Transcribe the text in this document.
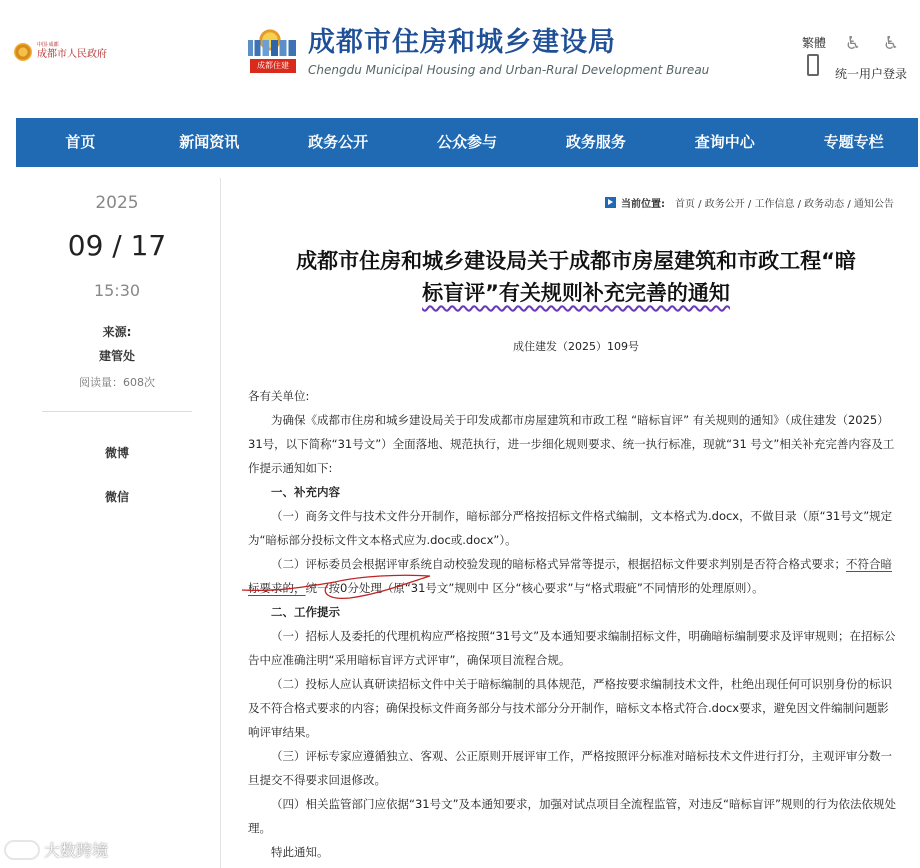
中国·成都
成都市人民政府
成都住建
成都市住房和城乡建设局
Chengdu Municipal Housing and Urban-Rural Development Bureau
繁體 ♿ ♿
统一用户登录
首页	新闻资讯	政务公开	公众参与	政务服务	查询中心	专题专栏
2025
09 / 17
15:30
来源:
建管处
阅读量：608次
微博
微信
当前位置: 首页 / 政务公开 / 工作信息 / 政务动态 / 通知公告
成都市住房和城乡建设局关于成都市房屋建筑和市政工程“暗
标盲评”有关规则补充完善的通知
成住建发（2025）109号

各有关单位:

为确保《成都市住房和城乡建设局关于印发成都市房屋建筑和市政工程 “暗标盲评” 有关规则的通知》（成住建发（2025）31号，以下简称“31号文”）全面落地、规范执行，进一步细化规则要求、统一执行标准，现就“31 号文”相关补充完善内容及工作提示通知如下:

一、补充内容

（一）商务文件与技术文件分开制作，暗标部分严格按招标文件格式编制，文本格式为.docx，不做目录（原“31号文”规定为“暗标部分投标文件文本格式应为.doc或.docx”）。

（二）评标委员会根据评审系统自动校验发现的暗标格式异常等提示，根据招标文件要求判别是否符合格式要求；不符合暗标要求的，统一按0分处理（原“31号文”规则中 区分“核心要求”与“格式瑕疵”不同情形的处理原则）。

二、工作提示

（一）招标人及委托的代理机构应严格按照“31号文”及本通知要求编制招标文件，明确暗标编制要求及评审规则；在招标公告中应准确注明“采用暗标盲评方式评审”，确保项目流程合规。

（二）投标人应认真研读招标文件中关于暗标编制的具体规范，严格按要求编制技术文件，杜绝出现任何可识别身份的标识及不符合格式要求的内容；确保投标文件商务部分与技术部分分开制作，暗标文本格式符合.docx要求，避免因文件编制问题影响评审结果。

（三）评标专家应遵循独立、客观、公正原则开展评审工作，严格按照评分标准对暗标技术文件进行打分，主观评审分数一旦提交不得要求回退修改。

（四）相关监管部门应依据“31号文”及本通知要求，加强对试点项目全流程监管，对违反“暗标盲评”规则的行为依法依规处理。

特此通知。

大数跨境
